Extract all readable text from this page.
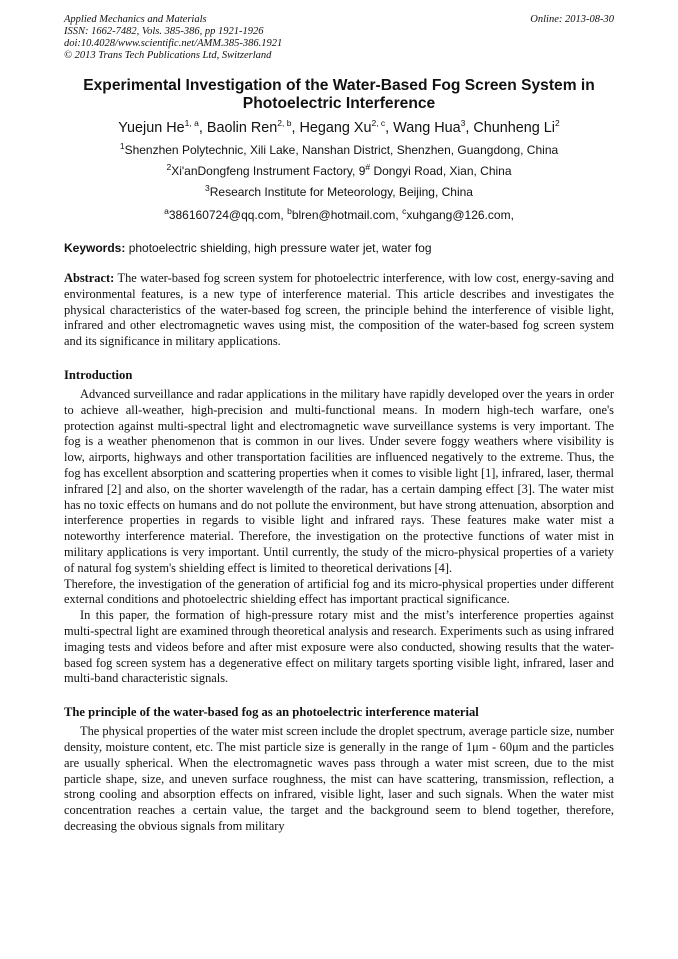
Applied Mechanics and Materials
ISSN: 1662-7482, Vols. 385-386, pp 1921-1926
doi:10.4028/www.scientific.net/AMM.385-386.1921
© 2013 Trans Tech Publications Ltd, Switzerland
Online: 2013-08-30
Experimental Investigation of the Water-Based Fog Screen System in
Photoelectric Interference
Yuejun He$^{1, a}$, Baolin Ren$^{2, b}$, Hegang Xu$^{2, c}$, Wang Hua$^3$, Chunheng Li$^2$
$^1$Shenzhen Polytechnic, Xili Lake, Nanshan District, Shenzhen, Guangdong, China
$^2$Xi'anDongfeng Instrument Factory, 9# Dongyi Road, Xian, China
$^3$Research Institute for Meteorology, Beijing, China
$^a$386160724@qq.com, $^b$blren@hotmail.com, $^c$xuhgang@126.com,
Keywords: photoelectric shielding, high pressure water jet, water fog
Abstract: The water-based fog screen system for photoelectric interference, with low cost, energy-saving and environmental features, is a new type of interference material. This article describes and investigates the physical characteristics of the water-based fog screen, the principle behind the interference of visible light, infrared and other electromagnetic waves using mist, the composition of the water-based fog screen system and its significance in military applications.
Introduction

Advanced surveillance and radar applications in the military have rapidly developed over the years in order to achieve all-weather, high-precision and multi-functional means. In modern high-tech warfare, one's protection against multi-spectral light and electromagnetic wave surveillance systems is very important. The fog is a weather phenomenon that is common in our lives. Under severe foggy weathers where visibility is low, airports, highways and other transportation facilities are influenced negatively to the extreme. Thus, the fog has excellent absorption and scattering properties when it comes to visible light [1], infrared, laser, thermal infrared [2] and also, on the shorter wavelength of the radar, has a certain damping effect [3]. The water mist has no toxic effects on humans and do not pollute the environment, but have strong attenuation, absorption and interference properties in regards to visible light and infrared rays. These features make water mist a noteworthy interference material. Therefore, the investigation on the protective functions of water mist in military applications is very important. Until currently, the study of the micro-physical properties of a variety of natural fog system's shielding effect is limited to theoretical derivations [4].

Therefore, the investigation of the generation of artificial fog and its micro-physical properties under different external conditions and photoelectric shielding effect has important practical significance.

In this paper, the formation of high-pressure rotary mist and the mist’s interference properties against multi-spectral light are examined through theoretical analysis and research. Experiments such as using infrared imaging tests and videos before and after mist exposure were also conducted, showing results that the water-based fog screen system has a degenerative effect on military targets sporting visible light, infrared, laser and multi-band characteristic signals.

The principle of the water-based fog as an photoelectric interference material

The physical properties of the water mist screen include the droplet spectrum, average particle size, number density, moisture content, etc. The mist particle size is generally in the range of 1μm - 60μm and the particles are usually spherical. When the electromagnetic waves pass through a water mist screen, due to the mist particle shape, size, and uneven surface roughness, the mist can have scattering, transmission, reflection, a strong cooling and absorption effects on infrared, visible light, laser and such signals. When the water mist concentration reaches a certain value, the target and the background seem to blend together, therefore, decreasing the obvious signals from military
